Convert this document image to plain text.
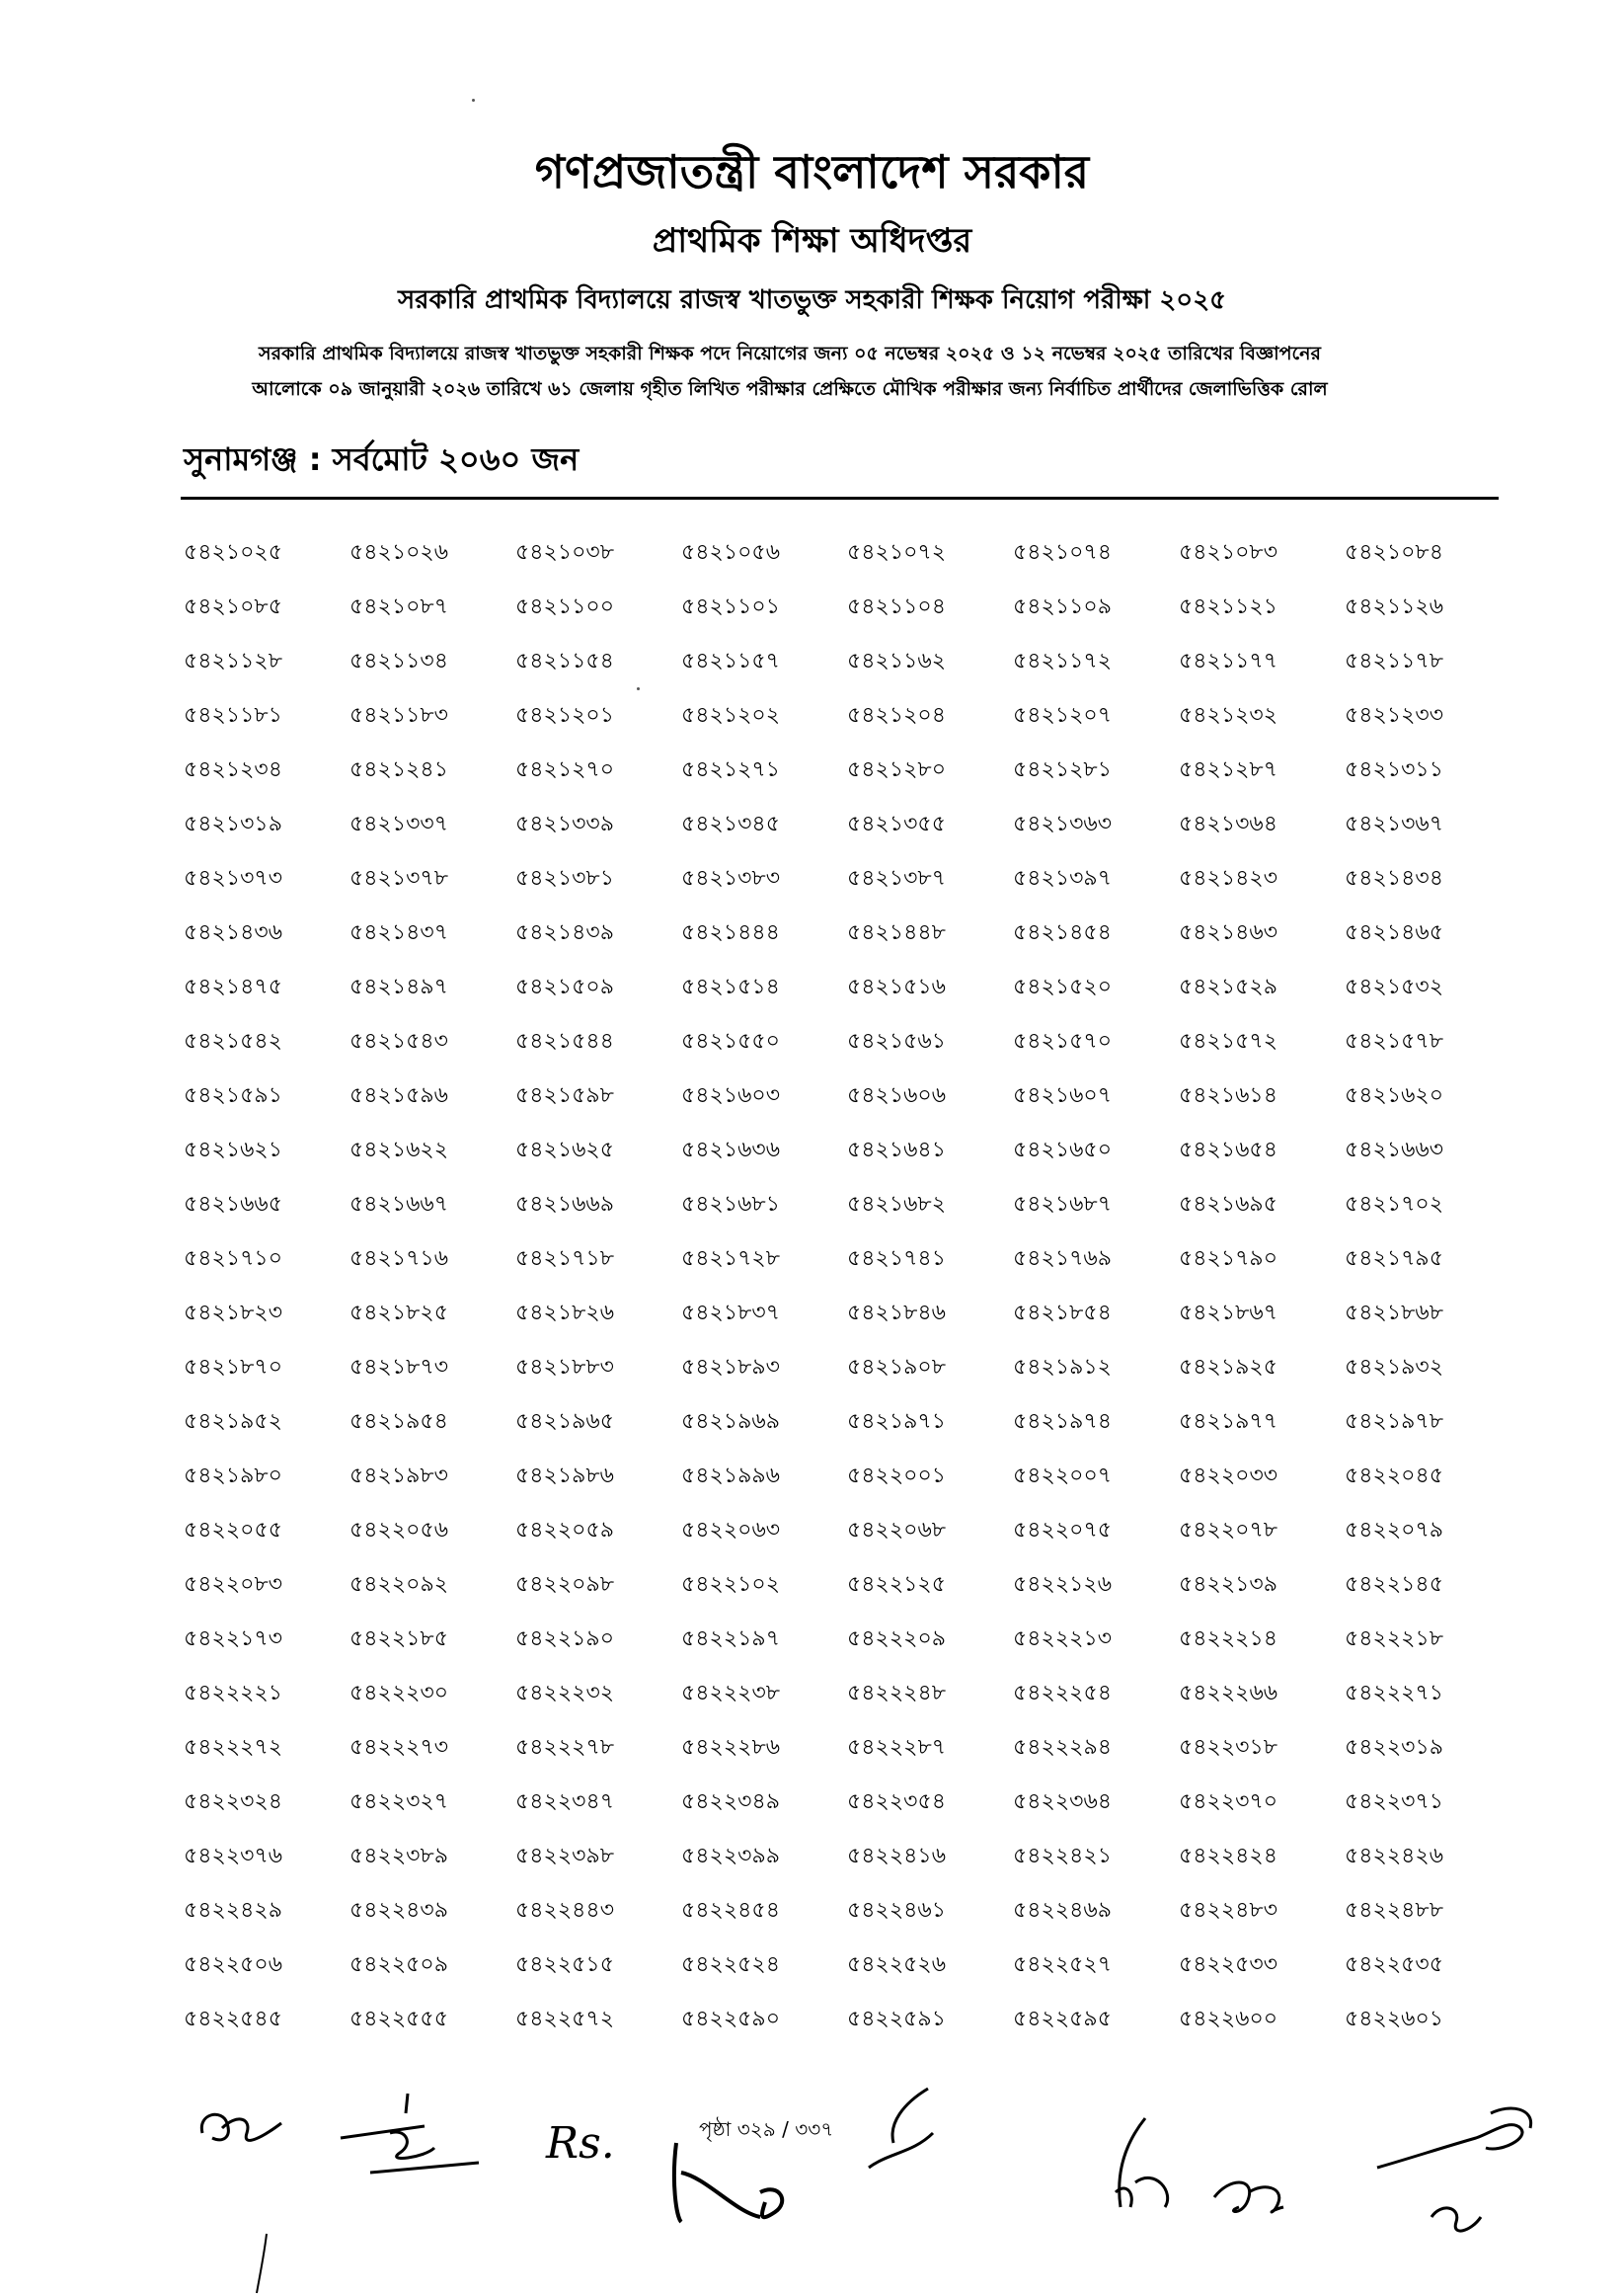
গণপ্রজাতন্ত্রী বাংলাদেশ সরকার
প্রাথমিক শিক্ষা অধিদপ্তর
সরকারি প্রাথমিক বিদ্যালয়ে রাজস্ব খাতভুক্ত সহকারী শিক্ষক নিয়োগ পরীক্ষা ২০২৫
সরকারি প্রাথমিক বিদ্যালয়ে রাজস্ব খাতভুক্ত সহকারী শিক্ষক পদে নিয়োগের জন্য ০৫ নভেম্বর ২০২৫ ও ১২ নভেম্বর ২০২৫ তারিখের বিজ্ঞাপনের
আলোকে ০৯ জানুয়ারী ২০২৬ তারিখে ৬১ জেলায় গৃহীত লিখিত পরীক্ষার প্রেক্ষিতে মৌখিক পরীক্ষার জন্য নির্বাচিত প্রার্থীদের জেলাভিত্তিক রোল
সুনামগঞ্জ : সর্বমোট ২০৬০ জন
৫৪২১০২৫	৫৪২১০২৬	৫৪২১০৩৮	৫৪২১০৫৬	৫৪২১০৭২	৫৪২১০৭৪	৫৪২১০৮৩	৫৪২১০৮৪
৫৪২১০৮৫	৫৪২১০৮৭	৫৪২১১০০	৫৪২১১০১	৫৪২১১০৪	৫৪২১১০৯	৫৪২১১২১	৫৪২১১২৬
৫৪২১১২৮	৫৪২১১৩৪	৫৪২১১৫৪	৫৪২১১৫৭	৫৪২১১৬২	৫৪২১১৭২	৫৪২১১৭৭	৫৪২১১৭৮
৫৪২১১৮১	৫৪২১১৮৩	৫৪২১২০১	৫৪২১২০২	৫৪২১২০৪	৫৪২১২০৭	৫৪২১২৩২	৫৪২১২৩৩
৫৪২১২৩৪	৫৪২১২৪১	৫৪২১২৭০	৫৪২১২৭১	৫৪২১২৮০	৫৪২১২৮১	৫৪২১২৮৭	৫৪২১৩১১
৫৪২১৩১৯	৫৪২১৩৩৭	৫৪২১৩৩৯	৫৪২১৩৪৫	৫৪২১৩৫৫	৫৪২১৩৬৩	৫৪২১৩৬৪	৫৪২১৩৬৭
৫৪২১৩৭৩	৫৪২১৩৭৮	৫৪২১৩৮১	৫৪২১৩৮৩	৫৪২১৩৮৭	৫৪২১৩৯৭	৫৪২১৪২৩	৫৪২১৪৩৪
৫৪২১৪৩৬	৫৪২১৪৩৭	৫৪২১৪৩৯	৫৪২১৪৪৪	৫৪২১৪৪৮	৫৪২১৪৫৪	৫৪২১৪৬৩	৫৪২১৪৬৫
৫৪২১৪৭৫	৫৪২১৪৯৭	৫৪২১৫০৯	৫৪২১৫১৪	৫৪২১৫১৬	৫৪২১৫২০	৫৪২১৫২৯	৫৪২১৫৩২
৫৪২১৫৪২	৫৪২১৫৪৩	৫৪২১৫৪৪	৫৪২১৫৫০	৫৪২১৫৬১	৫৪২১৫৭০	৫৪২১৫৭২	৫৪২১৫৭৮
৫৪২১৫৯১	৫৪২১৫৯৬	৫৪২১৫৯৮	৫৪২১৬০৩	৫৪২১৬০৬	৫৪২১৬০৭	৫৪২১৬১৪	৫৪২১৬২০
৫৪২১৬২১	৫৪২১৬২২	৫৪২১৬২৫	৫৪২১৬৩৬	৫৪২১৬৪১	৫৪২১৬৫০	৫৪২১৬৫৪	৫৪২১৬৬৩
৫৪২১৬৬৫	৫৪২১৬৬৭	৫৪২১৬৬৯	৫৪২১৬৮১	৫৪২১৬৮২	৫৪২১৬৮৭	৫৪২১৬৯৫	৫৪২১৭০২
৫৪২১৭১০	৫৪২১৭১৬	৫৪২১৭১৮	৫৪২১৭২৮	৫৪২১৭৪১	৫৪২১৭৬৯	৫৪২১৭৯০	৫৪২১৭৯৫
৫৪২১৮২৩	৫৪২১৮২৫	৫৪২১৮২৬	৫৪২১৮৩৭	৫৪২১৮৪৬	৫৪২১৮৫৪	৫৪২১৮৬৭	৫৪২১৮৬৮
৫৪২১৮৭০	৫৪২১৮৭৩	৫৪২১৮৮৩	৫৪২১৮৯৩	৫৪২১৯০৮	৫৪২১৯১২	৫৪২১৯২৫	৫৪২১৯৩২
৫৪২১৯৫২	৫৪২১৯৫৪	৫৪২১৯৬৫	৫৪২১৯৬৯	৫৪২১৯৭১	৫৪২১৯৭৪	৫৪২১৯৭৭	৫৪২১৯৭৮
৫৪২১৯৮০	৫৪২১৯৮৩	৫৪২১৯৮৬	৫৪২১৯৯৬	৫৪২২০০১	৫৪২২০০৭	৫৪২২০৩৩	৫৪২২০৪৫
৫৪২২০৫৫	৫৪২২০৫৬	৫৪২২০৫৯	৫৪২২০৬৩	৫৪২২০৬৮	৫৪২২০৭৫	৫৪২২০৭৮	৫৪২২০৭৯
৫৪২২০৮৩	৫৪২২০৯২	৫৪২২০৯৮	৫৪২২১০২	৫৪২২১২৫	৫৪২২১২৬	৫৪২২১৩৯	৫৪২২১৪৫
৫৪২২১৭৩	৫৪২২১৮৫	৫৪২২১৯০	৫৪২২১৯৭	৫৪২২২০৯	৫৪২২২১৩	৫৪২২২১৪	৫৪২২২১৮
৫৪২২২২১	৫৪২২২৩০	৫৪২২২৩২	৫৪২২২৩৮	৫৪২২২৪৮	৫৪২২২৫৪	৫৪২২২৬৬	৫৪২২২৭১
৫৪২২২৭২	৫৪২২২৭৩	৫৪২২২৭৮	৫৪২২২৮৬	৫৪২২২৮৭	৫৪২২২৯৪	৫৪২২৩১৮	৫৪২২৩১৯
৫৪২২৩২৪	৫৪২২৩২৭	৫৪২২৩৪৭	৫৪২২৩৪৯	৫৪২২৩৫৪	৫৪২২৩৬৪	৫৪২২৩৭০	৫৪২২৩৭১
৫৪২২৩৭৬	৫৪২২৩৮৯	৫৪২২৩৯৮	৫৪২২৩৯৯	৫৪২২৪১৬	৫৪২২৪২১	৫৪২২৪২৪	৫৪২২৪২৬
৫৪২২৪২৯	৫৪২২৪৩৯	৫৪২২৪৪৩	৫৪২২৪৫৪	৫৪২২৪৬১	৫৪২২৪৬৯	৫৪২২৪৮৩	৫৪২২৪৮৮
৫৪২২৫০৬	৫৪২২৫০৯	৫৪২২৫১৫	৫৪২২৫২৪	৫৪২২৫২৬	৫৪২২৫২৭	৫৪২২৫৩৩	৫৪২২৫৩৫
৫৪২২৫৪৫	৫৪২২৫৫৫	৫৪২২৫৭২	৫৪২২৫৯০	৫৪২২৫৯১	৫৪২২৫৯৫	৫৪২২৬০০	৫৪২২৬০১
পৃষ্ঠা ৩২৯ / ৩৩৭
Rs.
